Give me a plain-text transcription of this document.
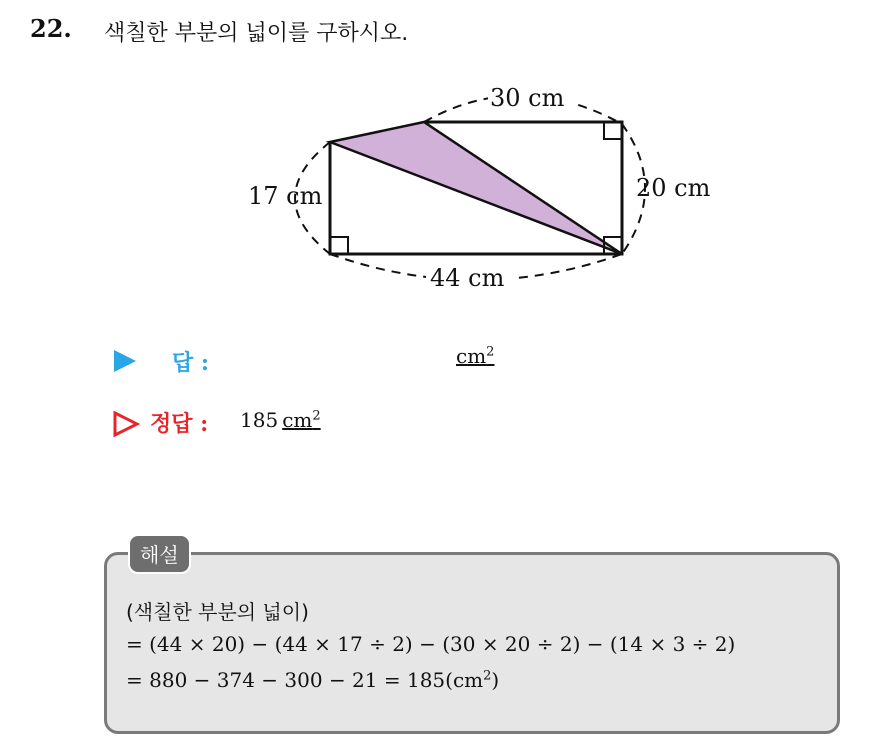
22. 색칠한 부분의 넓이를 구하시오.
30 cm
17 cm	20 cm
44 cm
답 :	$cm^2$
정답 : 185 $cm^2$
해설
(색칠한 부분의 넓이)
= (44 × 20) − (44 × 17 ÷ 2) − (30 × 20 ÷ 2) − (14 × 3 ÷ 2)
= $880 - 374 - 300 - 21 = 185(cm^2)$
